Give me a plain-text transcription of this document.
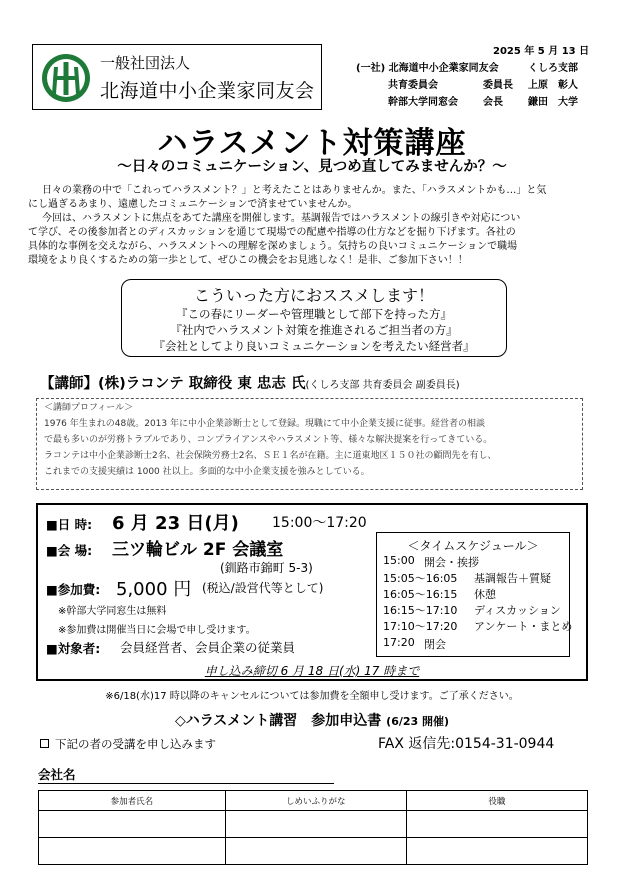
一般社団法人
北海道中小企業家同友会
2025 年 5 月 13 日
(一社) 北海道中小企業家同友会	くしろ支部
共育委員会	委員長 上原　彰人
幹部大学同窓会	会長	鎌田　大学
ハラスメント対策講座
～日々のコミュニケーション、見つめ直してみませんか？～
日々の業務の中で「これってハラスメント？」と考えたことはありませんか。また、「ハラスメントかも…」と気
にし過ぎるあまり、遠慮したコミュニケーションで済ませていませんか。
今回は、ハラスメントに焦点をあてた講座を開催します。基調報告ではハラスメントの線引きや対応につい
て学び、その後参加者とのディスカッションを通じて現場での配慮や指導の仕方などを掘り下げます。各社の
具体的な事例を交えながら、ハラスメントへの理解を深めましょう。気持ちの良いコミュニケーションで職場
環境をより良くするための第一歩として、ぜひこの機会をお見逃しなく！是非、ご参加下さい！！
こういった方におススメします！
『この春にリーダーや管理職として部下を持った方』
『社内でハラスメント対策を推進されるご担当者の方』
『会社としてより良いコミュニケーションを考えたい経営者』
【講師】(株)ラコンテ 取締役 東 忠志 氏(くしろ支部 共育委員会 副委員長)
＜講師プロフィール＞
1976 年生まれの48歳。2013 年に中小企業診断士として登録。現職にて中小企業支援に従事。経営者の相談
で最も多いのが労務トラブルであり、コンプライアンスやハラスメント等、様々な解決提案を行ってきている。
ラコンテは中小企業診断士2名、社会保険労務士2名、ＳＥ１名が在籍。主に道東地区１５０社の顧問先を有し、
これまでの支援実績は 1000 社以上。多面的な中小企業支援を強みとしている。
■日 時: 6 月 23 日(月) 15:00～17:20
■会 場: 三ツ輪ビル 2F 会議室
(釧路市錦町 5-3)
■参加費: 5,000 円 (税込/設営代等として)
※幹部大学同窓生は無料
※参加費は開催当日に会場で申し受けます。
■対象者: 会員経営者、会員企業の従業員
＜タイムスケジュール＞
15:00 開会・挨拶
15:05～16:05 基調報告＋質疑
16:05～16:15 休憩
16:15～17:10 ディスカッション
17:10～17:20 アンケート・まとめ
17:20 閉会
申し込み締切 6 月 18 日(水) 17 時まで
※6/18(水)17 時以降のキャンセルについては参加費を全額申し受けます。ご了承ください。
◇ハラスメント講習　参加申込書 (6/23 開催)
下記の者の受講を申し込みます	FAX 返信先:0154-31-0944
会社名
参加者氏名	しめいふりがな	役職
